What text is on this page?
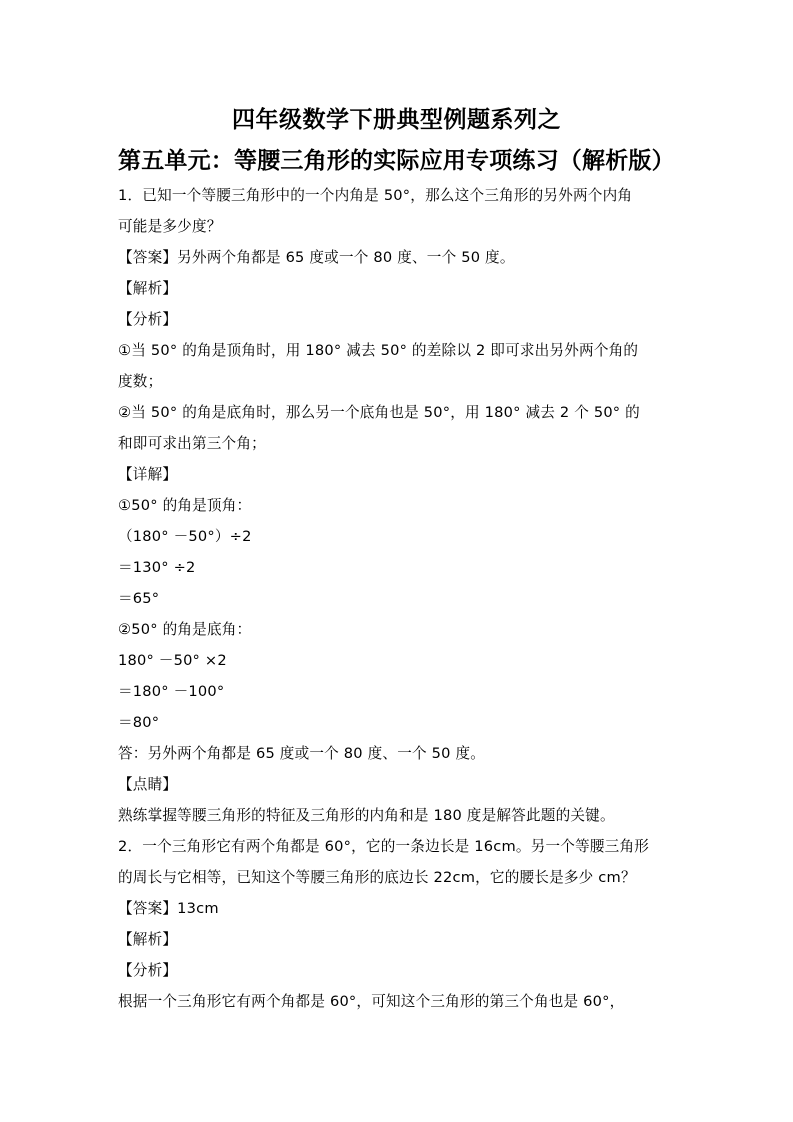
四年级数学下册典型例题系列之
第五单元：等腰三角形的实际应用专项练习（解析版）
1．已知一个等腰三角形中的一个内角是 50°，那么这个三角形的另外两个内角
可能是多少度？
【答案】另外两个角都是 65 度或一个 80 度、一个 50 度。
【解析】
【分析】
①当 50° 的角是顶角时，用 180° 减去 50° 的差除以 2 即可求出另外两个角的
度数；
②当 50° 的角是底角时，那么另一个底角也是 50°，用 180° 减去 2 个 50° 的
和即可求出第三个角；
【详解】
①50° 的角是顶角：
（180° －50°）÷2
＝130° ÷2
＝65°
②50° 的角是底角：
180° －50° ×2
＝180° －100°
＝80°
答：另外两个角都是 65 度或一个 80 度、一个 50 度。
【点睛】
熟练掌握等腰三角形的特征及三角形的内角和是 180 度是解答此题的关键。
2．一个三角形它有两个角都是 60°，它的一条边长是 16cm。另一个等腰三角形
的周长与它相等，已知这个等腰三角形的底边长 22cm，它的腰长是多少 cm？
【答案】13cm
【解析】
【分析】
根据一个三角形它有两个角都是 60°，可知这个三角形的第三个角也是 60°，
